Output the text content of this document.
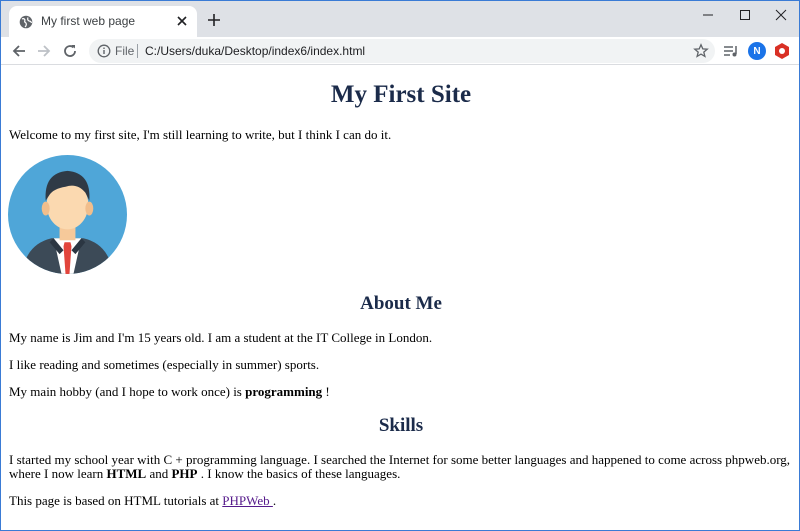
My first web page
File C:/Users/duka/Desktop/index6/index.html	N
My First Site
Welcome to my first site, I'm still learning to write, but I think I can do it.
About Me
My name is Jim and I'm 15 years old. I am a student at the IT College in London.
I like reading and sometimes (especially in summer) sports.
My main hobby (and I hope to work once) is programming !
Skills
I started my school year with C + programming language. I searched the Internet for some better languages and happened to come across phpweb.org,
where I now learn HTML and PHP . I know the basics of these languages.
This page is based on HTML tutorials at PHPWeb .
